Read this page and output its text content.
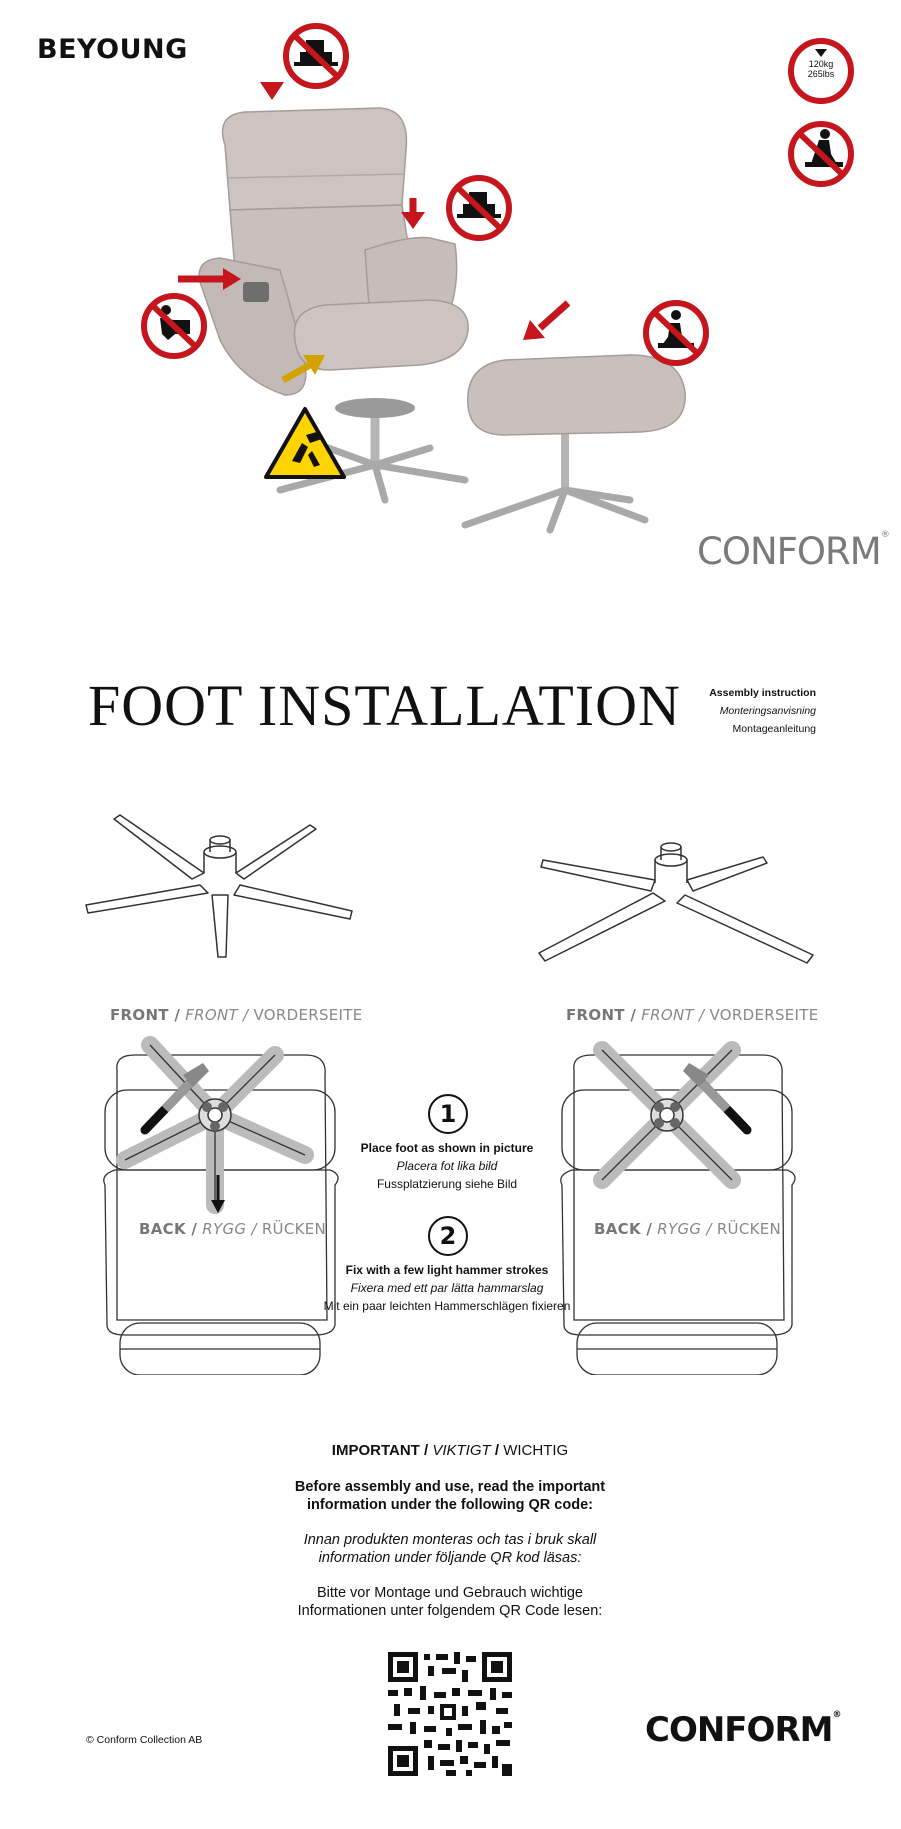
BEYOUNG	120kg
265lbs
CONFORM®
FOOT INSTALLATION	Assembly instruction
Monteringsanvisning
Montageanleitung
FRONT / FRONT / VORDERSEITE	FRONT / FRONT / VORDERSEITE
BACK / RYGG / RÜCKEN	BACK / RYGG / RÜCKEN
1
Place foot as shown in picture
Placera fot lika bild
Fussplatzierung siehe Bild
2
Fix with a few light hammer strokes
Fixera med ett par lätta hammarslag
Mit ein paar leichten Hammerschlägen fixieren
IMPORTANT / VIKTIGT / WICHTIG
Before assembly and use, read the important
information under the following QR code:
Innan produkten monteras och tas i bruk skall
information under följande QR kod läsas:
Bitte vor Montage und Gebrauch wichtige
Informationen unter folgendem QR Code lesen:
© Conform Collection AB	CONFORM®
